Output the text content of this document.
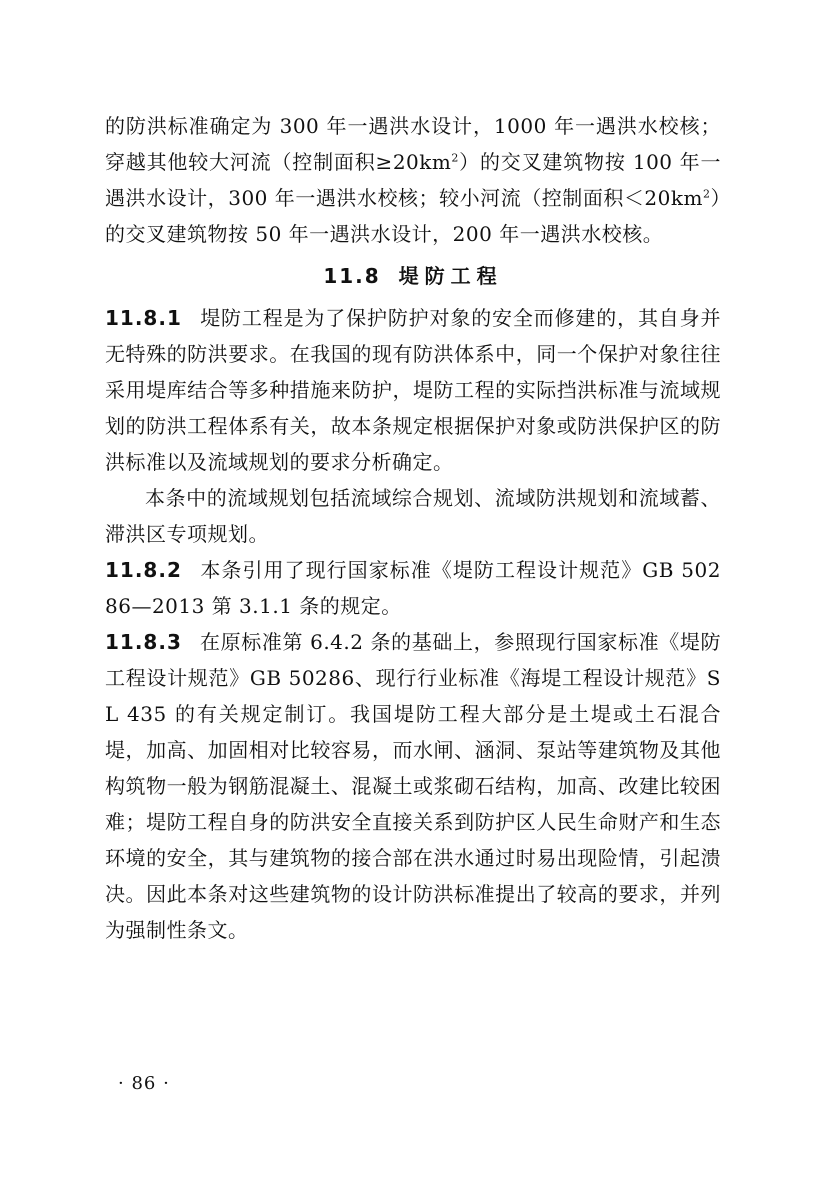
的防洪标准确定为 300 年一遇洪水设计，1000 年一遇洪水校核；穿越其他较大河流（控制面积$\ge 20km^2$）的交叉建筑物按 100 年一遇洪水设计，300 年一遇洪水校核；较小河流（控制面积$<20km^2$）的交叉建筑物按 50 年一遇洪水设计，200 年一遇洪水校核。

11.8 堤防工程

11.8.1 堤防工程是为了保护防护对象的安全而修建的，其自身并无特殊的防洪要求。在我国的现有防洪体系中，同一个保护对象往往采用堤库结合等多种措施来防护，堤防工程的实际挡洪标准与流域规划的防洪工程体系有关，故本条规定根据保护对象或防洪保护区的防洪标准以及流域规划的要求分析确定。

本条中的流域规划包括流域综合规划、流域防洪规划和流域蓄、滞洪区专项规划。

11.8.2 本条引用了现行国家标准《堤防工程设计规范》GB 50286—2013 第 3.1.1 条的规定。

11.8.3 在原标准第 6.4.2 条的基础上，参照现行国家标准《堤防工程设计规范》GB 50286、现行行业标准《海堤工程设计规范》SL 435 的有关规定制订。我国堤防工程大部分是土堤或土石混合堤，加高、加固相对比较容易，而水闸、涵洞、泵站等建筑物及其他构筑物一般为钢筋混凝土、混凝土或浆砌石结构，加高、改建比较困难；堤防工程自身的防洪安全直接关系到防护区人民生命财产和生态环境的安全，其与建筑物的接合部在洪水通过时易出现险情，引起溃决。因此本条对这些建筑物的设计防洪标准提出了较高的要求，并列为强制性条文。

· 86 ·
